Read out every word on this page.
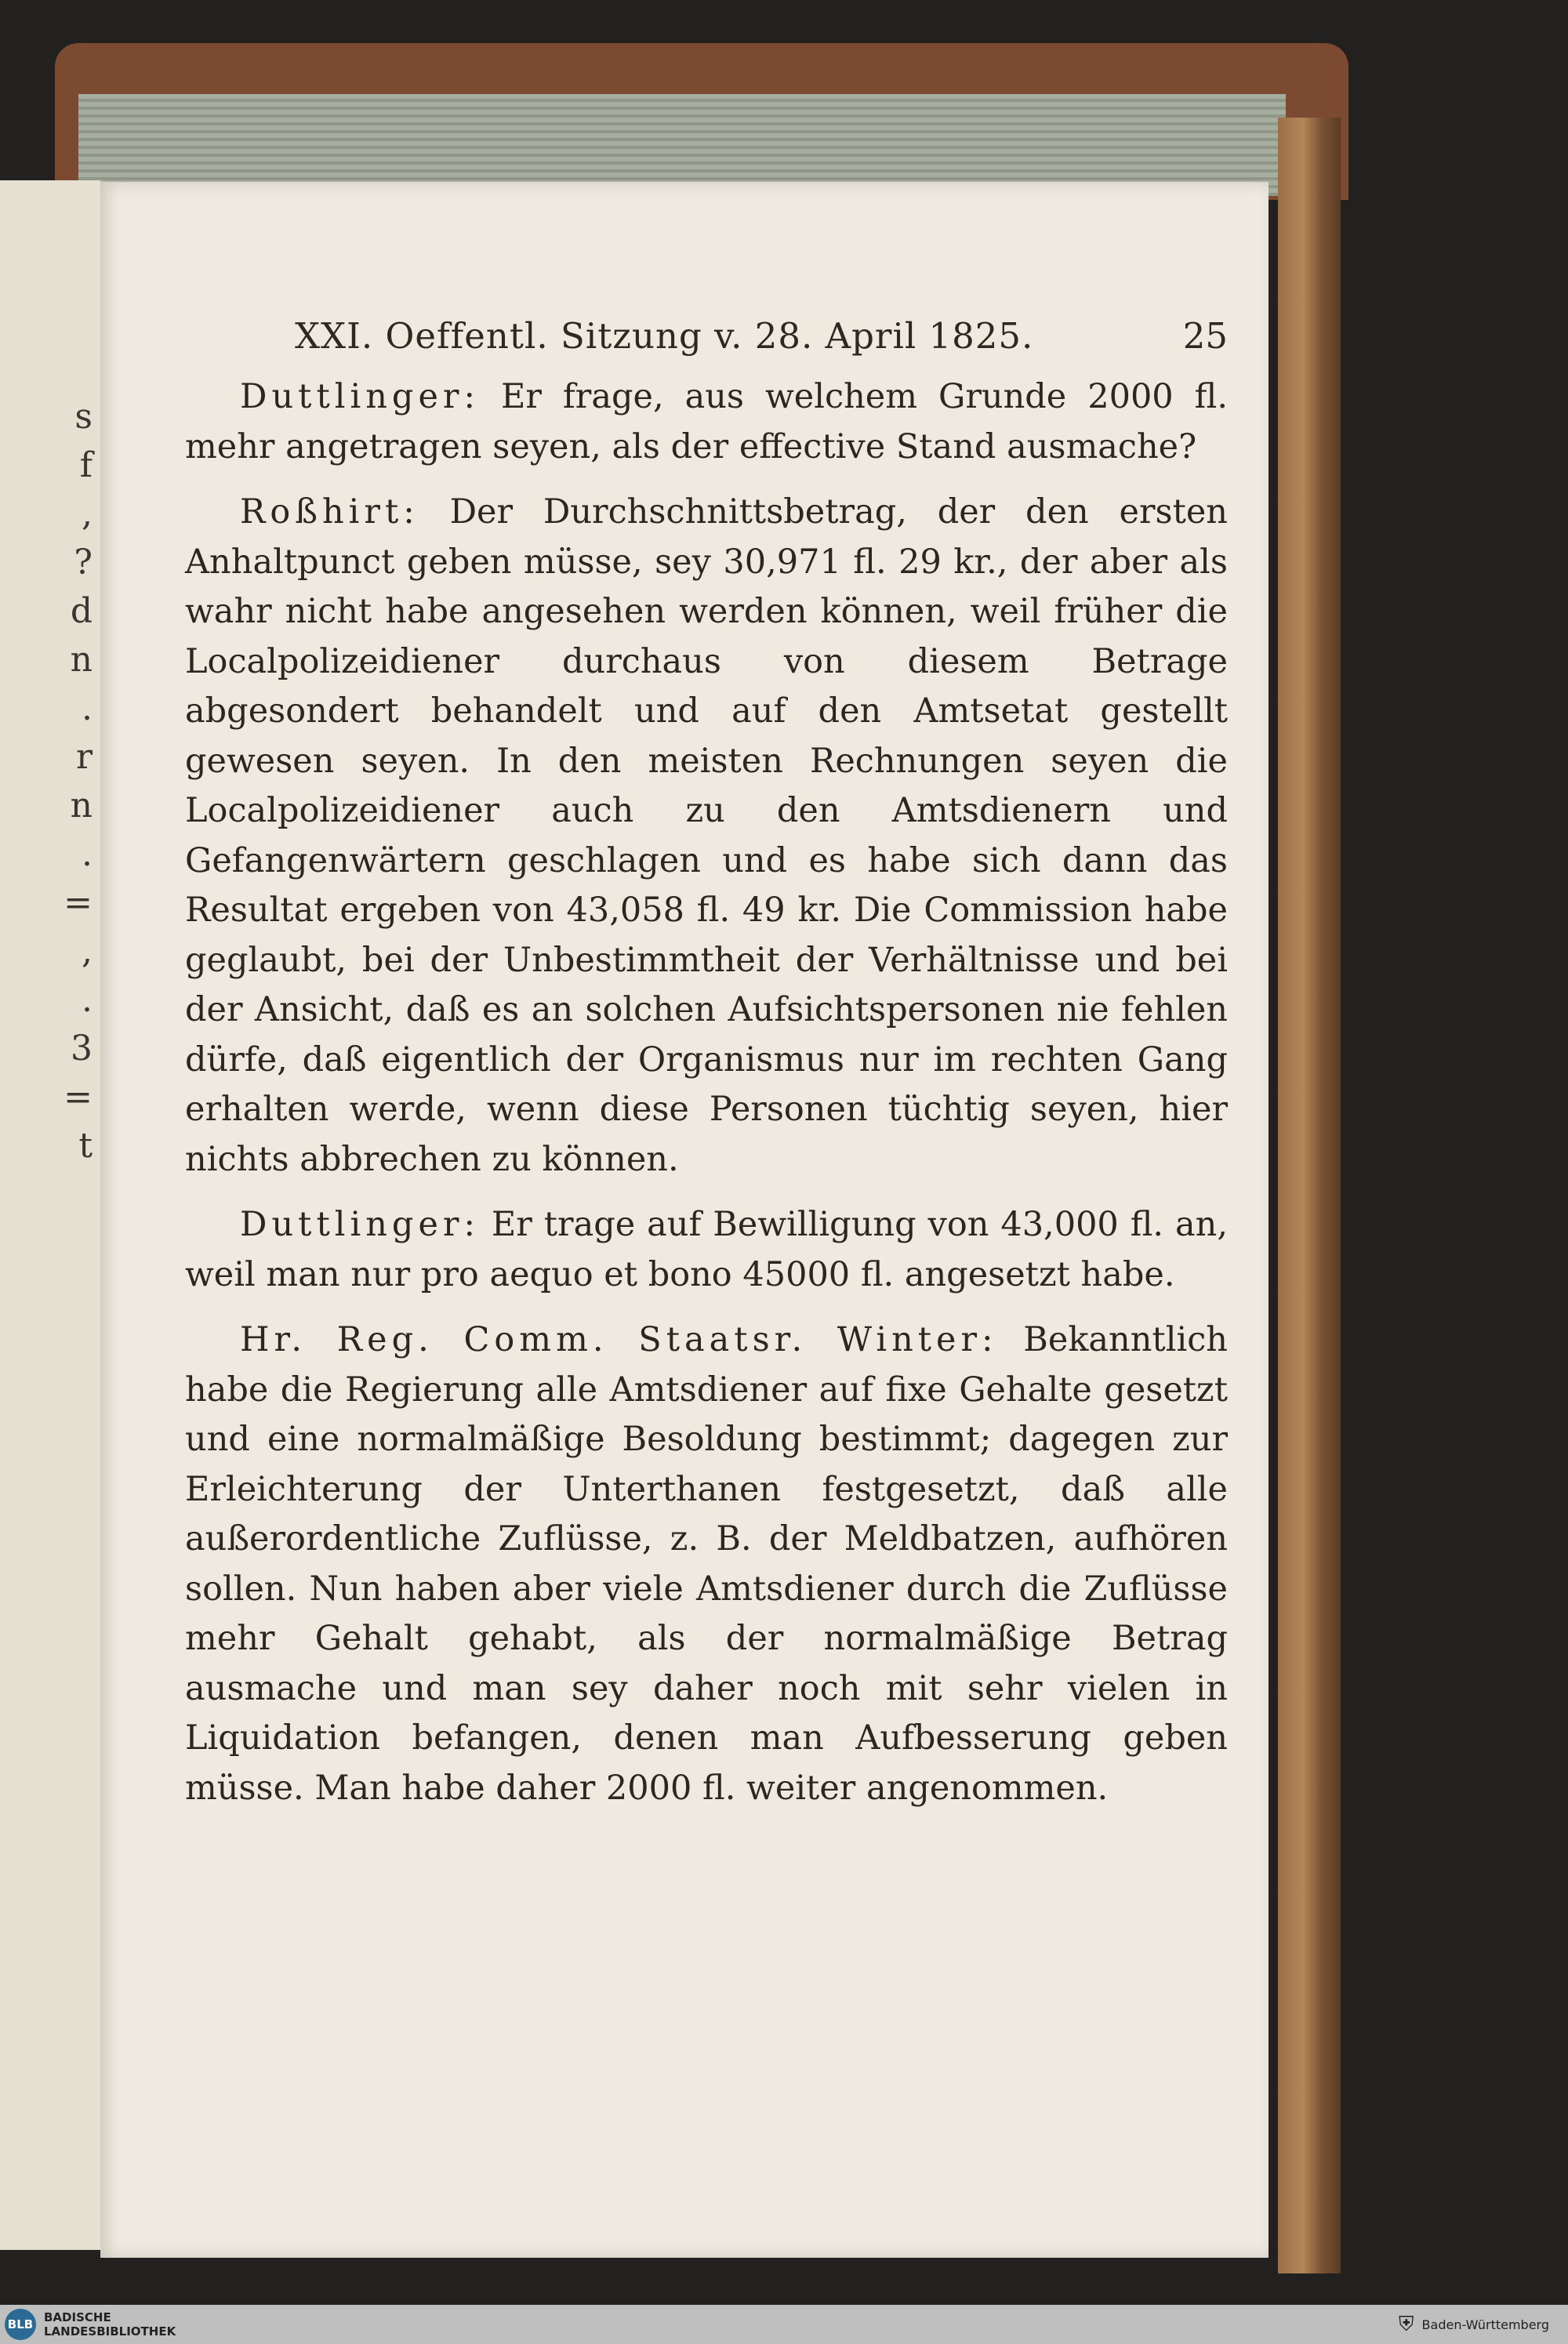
s
f
,
?
d
n
.
r
n
.
=
,
.
3
=
t
XXI. Oeffentl. Sitzung v. 28. April 1825.	25

Duttlinger: Er frage, aus welchem Grunde 2000 fl. mehr angetragen seyen, als der effective Stand ausmache?

Roßhirt: Der Durchschnittsbetrag, der den ersten Anhaltpunct geben müsse, sey 30,971 fl. 29 kr., der aber als wahr nicht habe angesehen werden können, weil früher die Localpolizeidiener durchaus von diesem Betrage abgesondert behandelt und auf den Amtsetat gestellt gewesen seyen. In den meisten Rechnungen seyen die Localpolizeidiener auch zu den Amtsdienern und Gefangenwärtern geschlagen und es habe sich dann das Resultat ergeben von 43,058 fl. 49 kr. Die Commission habe geglaubt, bei der Unbestimmtheit der Verhältnisse und bei der Ansicht, daß es an solchen Aufsichtspersonen nie fehlen dürfe, daß eigentlich der Organismus nur im rechten Gang erhalten werde, wenn diese Personen tüchtig seyen, hier nichts abbrechen zu können.

Duttlinger: Er trage auf Bewilligung von 43,000 fl. an, weil man nur pro aequo et bono 45000 fl. angesetzt habe.

Hr. Reg. Comm. Staatsr. Winter: Bekanntlich habe die Regierung alle Amtsdiener auf fixe Gehalte gesetzt und eine normalmäßige Besoldung bestimmt; dagegen zur Erleichterung der Unterthanen festgesetzt, daß alle außerordentliche Zuflüsse, z. B. der Meldbatzen, aufhören sollen. Nun haben aber viele Amtsdiener durch die Zuflüsse mehr Gehalt gehabt, als der normalmäßige Betrag ausmache und man sey daher noch mit sehr vielen in Liquidation befangen, denen man Aufbesserung geben müsse. Man habe daher 2000 fl. weiter angenommen.

BLB BADISCHE
LANDESBIBLIOTHEK	⛨ Baden-Württemberg
